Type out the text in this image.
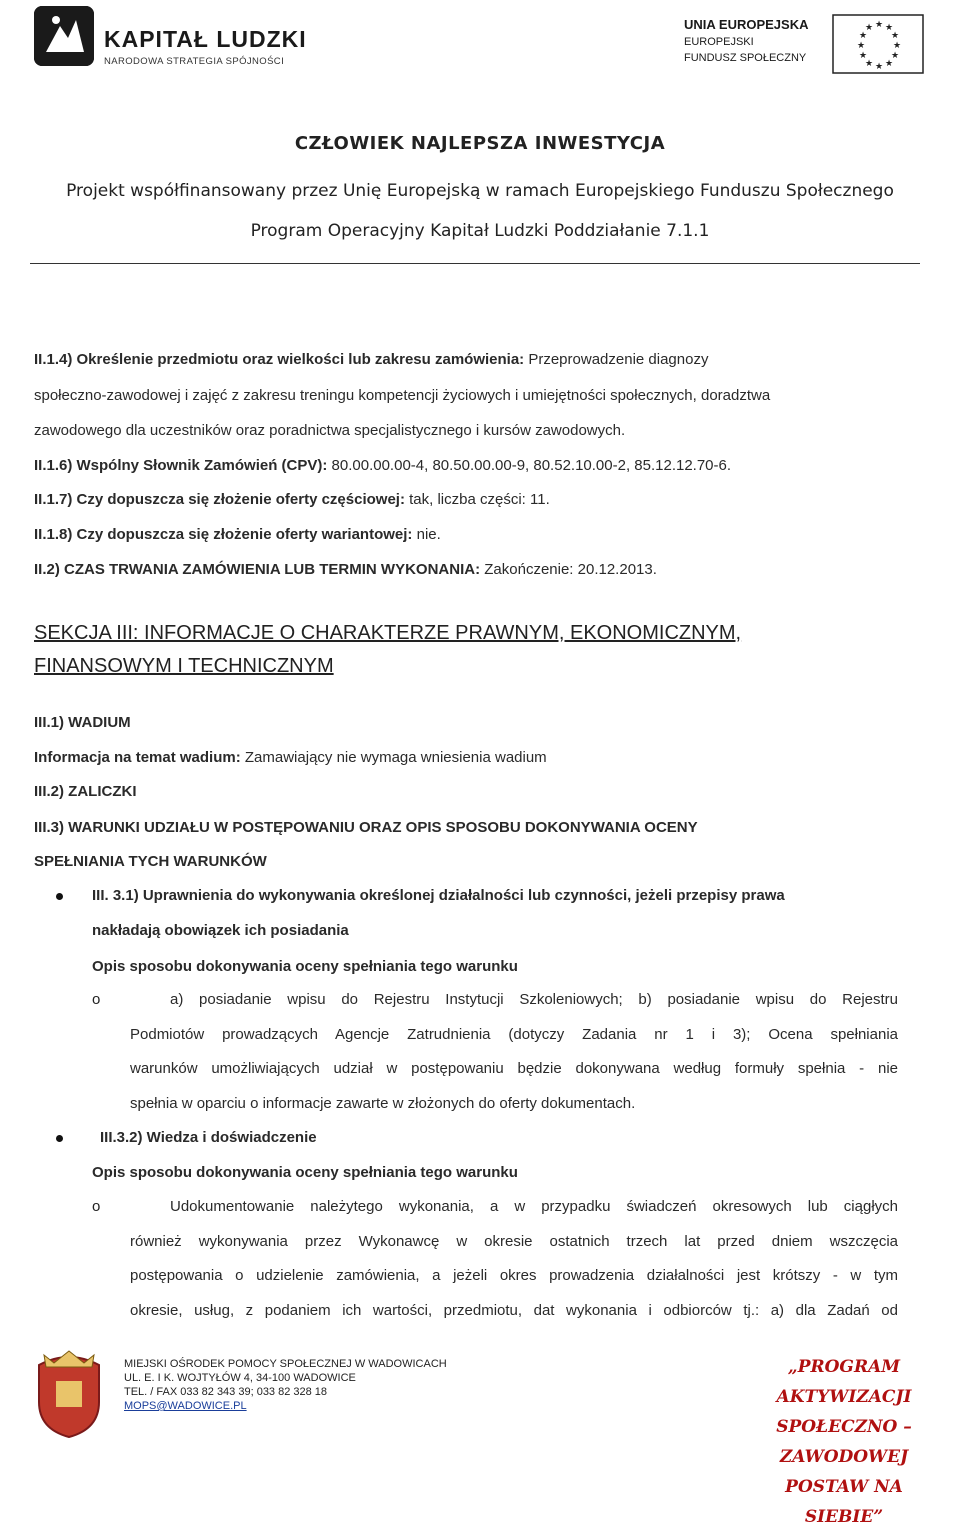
KAPITAŁ LUDZKI
NARODOWA STRATEGIA SPÓJNOŚCI
UNIA EUROPEJSKA
EUROPEJSKI
FUNDUSZ SPOŁECZNY
★ ★
★
★
★
★
★
★
★
★
★
★
CZŁOWIEK NAJLEPSZA INWESTYCJA
Projekt współfinansowany przez Unię Europejską w ramach Europejskiego Funduszu Społecznego
Program Operacyjny Kapitał Ludzki Poddziałanie 7.1.1
II.1.4) Określenie przedmiotu oraz wielkości lub zakresu zamówienia: Przeprowadzenie diagnozy
społeczno-zawodowej i zajęć z zakresu treningu kompetencji życiowych i umiejętności społecznych, doradztwa
zawodowego dla uczestników oraz poradnictwa specjalistycznego i kursów zawodowych.
II.1.6) Wspólny Słownik Zamówień (CPV): 80.00.00.00-4, 80.50.00.00-9, 80.52.10.00-2, 85.12.12.70-6.
II.1.7) Czy dopuszcza się złożenie oferty częściowej: tak, liczba części: 11.
II.1.8) Czy dopuszcza się złożenie oferty wariantowej: nie.
II.2) CZAS TRWANIA ZAMÓWIENIA LUB TERMIN WYKONANIA: Zakończenie: 20.12.2013.
SEKCJA III: INFORMACJE O CHARAKTERZE PRAWNYM, EKONOMICZNYM,
FINANSOWYM I TECHNICZNYM
III.1) WADIUM
Informacja na temat wadium: Zamawiający nie wymaga wniesienia wadium
III.2) ZALICZKI
III.3) WARUNKI UDZIAŁU W POSTĘPOWANIU ORAZ OPIS SPOSOBU DOKONYWANIA OCENY
SPEŁNIANIA TYCH WARUNKÓW
III. 3.1) Uprawnienia do wykonywania określonej działalności lub czynności, jeżeli przepisy prawa
nakładają obowiązek ich posiadania
Opis sposobu dokonywania oceny spełniania tego warunku
o	a) posiadanie wpisu do Rejestru Instytucji Szkoleniowych; b) posiadanie wpisu do Rejestru
Podmiotów prowadzących Agencje Zatrudnienia (dotyczy Zadania nr 1 i 3); Ocena spełniania
warunków umożliwiających udział w postępowaniu będzie dokonywana według formuły spełnia - nie
spełnia w oparciu o informacje zawarte w złożonych do oferty dokumentach.
III.3.2) Wiedza i doświadczenie
Opis sposobu dokonywania oceny spełniania tego warunku
o	Udokumentowanie należytego wykonania, a w przypadku świadczeń okresowych lub ciągłych
również wykonywania przez Wykonawcę w okresie ostatnich trzech lat przed dniem wszczęcia
postępowania o udzielenie zamówienia, a jeżeli okres prowadzenia działalności jest krótszy - w tym
okresie, usług, z podaniem ich wartości, przedmiotu, dat wykonania i odbiorców tj.: a) dla Zadań od
MIEJSKI OŚRODEK POMOCY SPOŁECZNEJ W WADOWICACH
UL. E. I K. WOJTYŁÓW 4, 34-100 WADOWICE
TEL. / FAX 033 82 343 39; 033 82 328 18
MOPS@WADOWICE.PL
„PROGRAM AKTYWIZACJI
SPOŁECZNO – ZAWODOWEJ
POSTAW NA SIEBIE”
